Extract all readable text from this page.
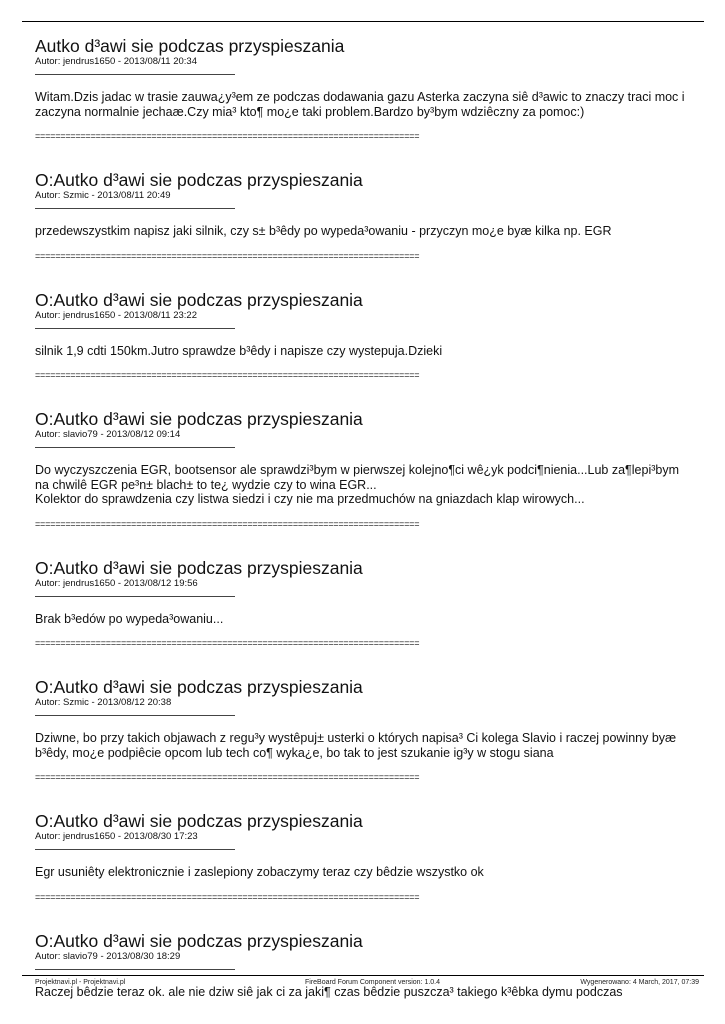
Autko d³awi sie podczas przyspieszania
Autor: jendrus1650 - 2013/08/11 20:34
Witam.Dzis jadac w trasie zauwa¿y³em ze podczas dodawania gazu Asterka zaczyna siê d³awic to znaczy traci moc i zaczyna normalnie jechaæ.Czy mia³ kto¶ mo¿e taki problem.Bardzo by³bym wdziêczny za pomoc:)
============================================================================
O:Autko d³awi sie podczas przyspieszania
Autor: Szmic - 2013/08/11 20:49
przedewszystkim napisz jaki silnik, czy s± b³êdy po wypeda³owaniu - przyczyn mo¿e byæ kilka np. EGR
============================================================================
O:Autko d³awi sie podczas przyspieszania
Autor: jendrus1650 - 2013/08/11 23:22
silnik 1,9 cdti 150km.Jutro sprawdze b³êdy i napisze czy wystepuja.Dzieki
============================================================================
O:Autko d³awi sie podczas przyspieszania
Autor: slavio79 - 2013/08/12 09:14
Do wyczyszczenia EGR, bootsensor ale sprawdzi³bym w pierwszej kolejno¶ci wê¿yk podci¶nienia...Lub za¶lepi³bym na chwilê EGR pe³n± blach± to te¿ wydzie czy to wina EGR...
Kolektor do sprawdzenia czy listwa siedzi i czy nie ma przedmuchów na gniazdach klap wirowych...
============================================================================
O:Autko d³awi sie podczas przyspieszania
Autor: jendrus1650 - 2013/08/12 19:56
Brak b³edów po wypeda³owaniu...
============================================================================
O:Autko d³awi sie podczas przyspieszania
Autor: Szmic - 2013/08/12 20:38
Dziwne, bo przy takich objawach z regu³y wystêpuj± usterki o których napisa³ Ci kolega Slavio i raczej powinny byæ b³êdy, mo¿e podpiêcie opcom lub tech co¶ wyka¿e, bo tak to jest szukanie ig³y w stogu siana
============================================================================
O:Autko d³awi sie podczas przyspieszania
Autor: jendrus1650 - 2013/08/30 17:23
Egr usuniêty elektronicznie i zaslepiony zobaczymy teraz czy bêdzie wszystko ok
============================================================================
O:Autko d³awi sie podczas przyspieszania
Autor: slavio79 - 2013/08/30 18:29
Raczej bêdzie teraz ok. ale nie dziw siê jak ci za jaki¶ czas bêdzie puszcza³ takiego k³êbka dymu podczas
Projektnavi.pl - Projektnavi.pl	FireBoard Forum Component version: 1.0.4	Wygenerowano: 4 March, 2017, 07:39
